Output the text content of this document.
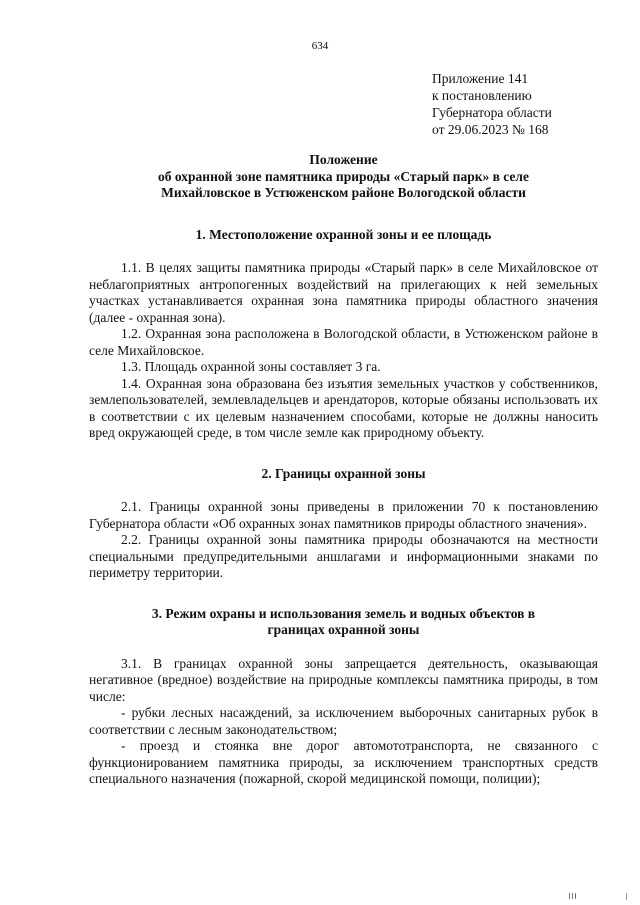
634
Приложение 141
к постановлению
Губернатора области
от 29.06.2023 № 168
Положение
об охранной зоне памятника природы «Старый парк» в селе
Михайловское в Устюженском районе Вологодской области
1. Местоположение охранной зоны и ее площадь

1.1. В целях защиты памятника природы «Старый парк» в селе Михайловское от неблагоприятных антропогенных воздействий на прилегающих к ней земельных участках устанавливается охранная зона памятника природы областного значения (далее - охранная зона).

1.2. Охранная зона расположена в Вологодской области, в Устюженском районе в селе Михайловское.

1.3. Площадь охранной зоны составляет 3 га.

1.4. Охранная зона образована без изъятия земельных участков у собственников, землепользователей, землевладельцев и арендаторов, которые обязаны использовать их в соответствии с их целевым назначением способами, которые не должны наносить вред окружающей среде, в том числе земле как природному объекту.

2. Границы охранной зоны

2.1. Границы охранной зоны приведены в приложении 70 к постановлению Губернатора области «Об охранных зонах памятников природы областного значения».

2.2. Границы охранной зоны памятника природы обозначаются на местности специальными предупредительными аншлагами и информационными знаками по периметру территории.

3. Режим охраны и использования земель и водных объектов в
границах охранной зоны

3.1. В границах охранной зоны запрещается деятельность, оказывающая негативное (вредное) воздействие на природные комплексы памятника природы, в том числе:

- рубки лесных насаждений, за исключением выборочных санитарных рубок в соответствии с лесным законодательством;

- проезд и стоянка вне дорог автомототранспорта, не связанного с функционированием памятника природы, за исключением транспортных средств специального назначения (пожарной, скорой медицинской помощи, полиции);
